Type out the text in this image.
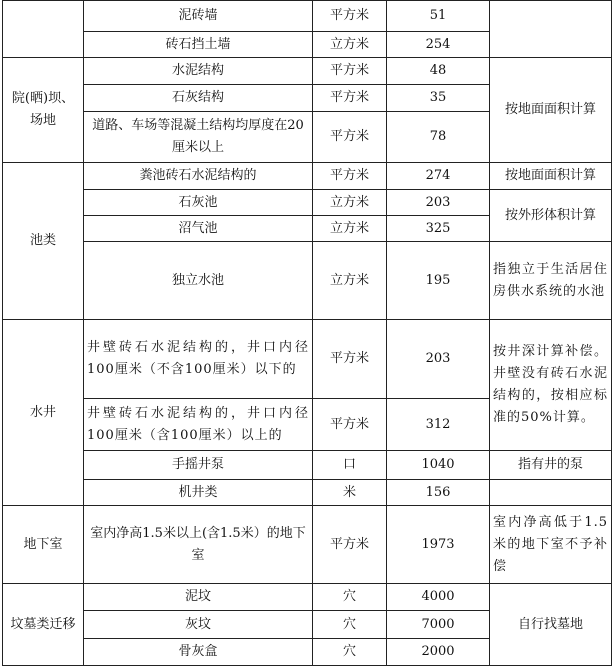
	泥砖墙	平方米	51	
	砖石挡土墙	立方米	254	
院(晒)坝、场地	水泥结构	平方米	48	按地面面积计算
	石灰结构	平方米	35	
	道路、车场等混凝土结构均厚度在20厘米以上	平方米	78	
池类	粪池砖石水泥结构的	平方米	274	按地面面积计算
	石灰池	立方米	203	按外形体积计算
	沼气池	立方米	325	
	独立水池	立方米	195	指独立于生活居住房供水系统的水池
水井	井壁砖石水泥结构的，井口内径100厘米（不含100厘米）以下的	平方米	203	按井深计算补偿。井壁没有砖石水泥结构的，按相应标准的50%计算。
	井壁砖石水泥结构的，井口内径100厘米（含100厘米）以上的	平方米	312	
	手摇井泵	口	1040	指有井的泵
	机井类	米	156	
地下室	室内净高1.5米以上(含1.5米）的地下室	平方米	1973	室内净高低于1.5米的地下室不予补偿
坟墓类迁移	泥坟	穴	4000	自行找墓地
	灰坟	穴	7000	
	骨灰盒	穴	2000	
